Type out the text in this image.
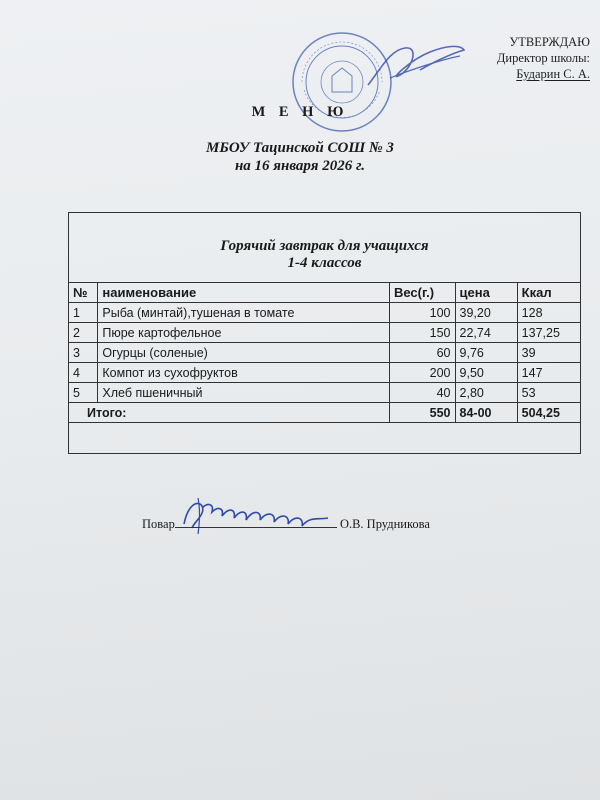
УТВЕРЖДАЮ
Директор школы:
Бударин С. А.
М Е Н Ю
МБОУ Тацинской СОШ № 3
на 16 января 2026 г.
Горячий завтрак для учащихся
1-4 классов
№	наименование	Вес(г.)	цена	Ккал
1	Рыба (минтай),тушеная в томате	100	39,20	128
2	Пюре картофельное	150	22,74	137,25
3	Огурцы (соленые)	60	9,76	39
4	Компот из сухофруктов	200	9,50	147
5	Хлеб пшеничный	40	2,80	53
Итого:		550	84-00	504,25
Повар	О.В. Прудникова
